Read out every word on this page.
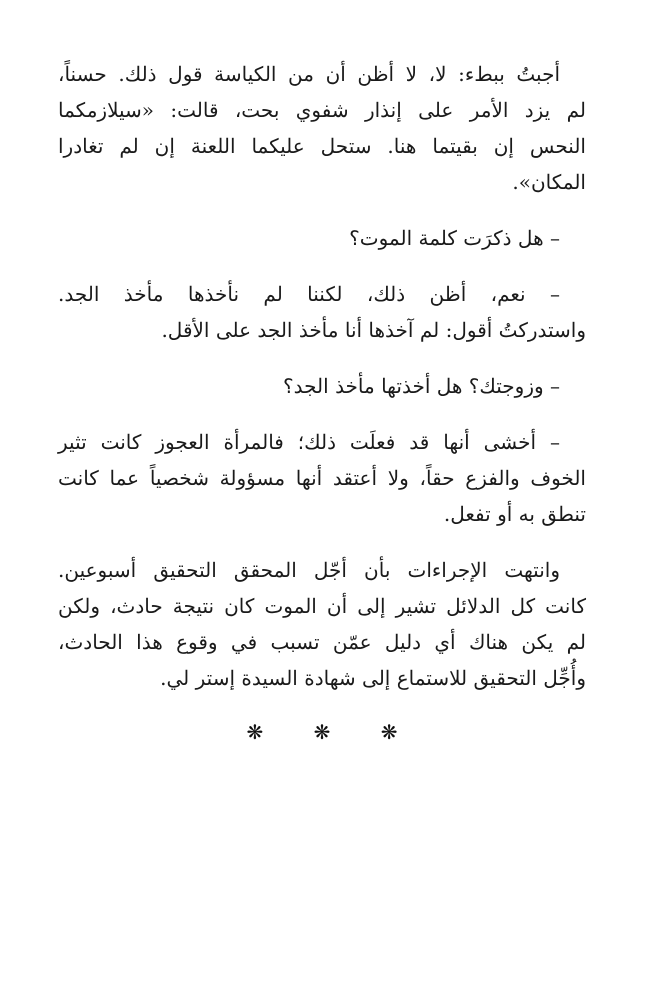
أجبتُ ببطء: لا، لا أظن أن من الكياسة قول ذلك. حسناً،
لم يزد الأمر على إنذار شفوي بحت، قالت: «سيلازمكما
النحس إن بقيتما هنا. ستحل عليكما اللعنة إن لم تغادرا
المكان».

– هل ذكرَت كلمة الموت؟

– نعم، أظن ذلك، لكننا لم نأخذها مأخذ الجد.
واستدركتُ أقول: لم آخذها أنا مأخذ الجد على الأقل.

– وزوجتك؟ هل أخذتها مأخذ الجد؟

– أخشى أنها قد فعلَت ذلك؛ فالمرأة العجوز كانت تثير
الخوف والفزع حقاً، ولا أعتقد أنها مسؤولة شخصياً عما كانت
تنطق به أو تفعل.

وانتهت الإجراءات بأن أجّل المحقق التحقيق أسبوعين.
كانت كل الدلائل تشير إلى أن الموت كان نتيجة حادث، ولكن
لم يكن هناك أي دليل عمّن تسبب في وقوع هذا الحادث،
وأُجِّل التحقيق للاستماع إلى شهادة السيدة إستر لي.

❋ ❋ ❋
